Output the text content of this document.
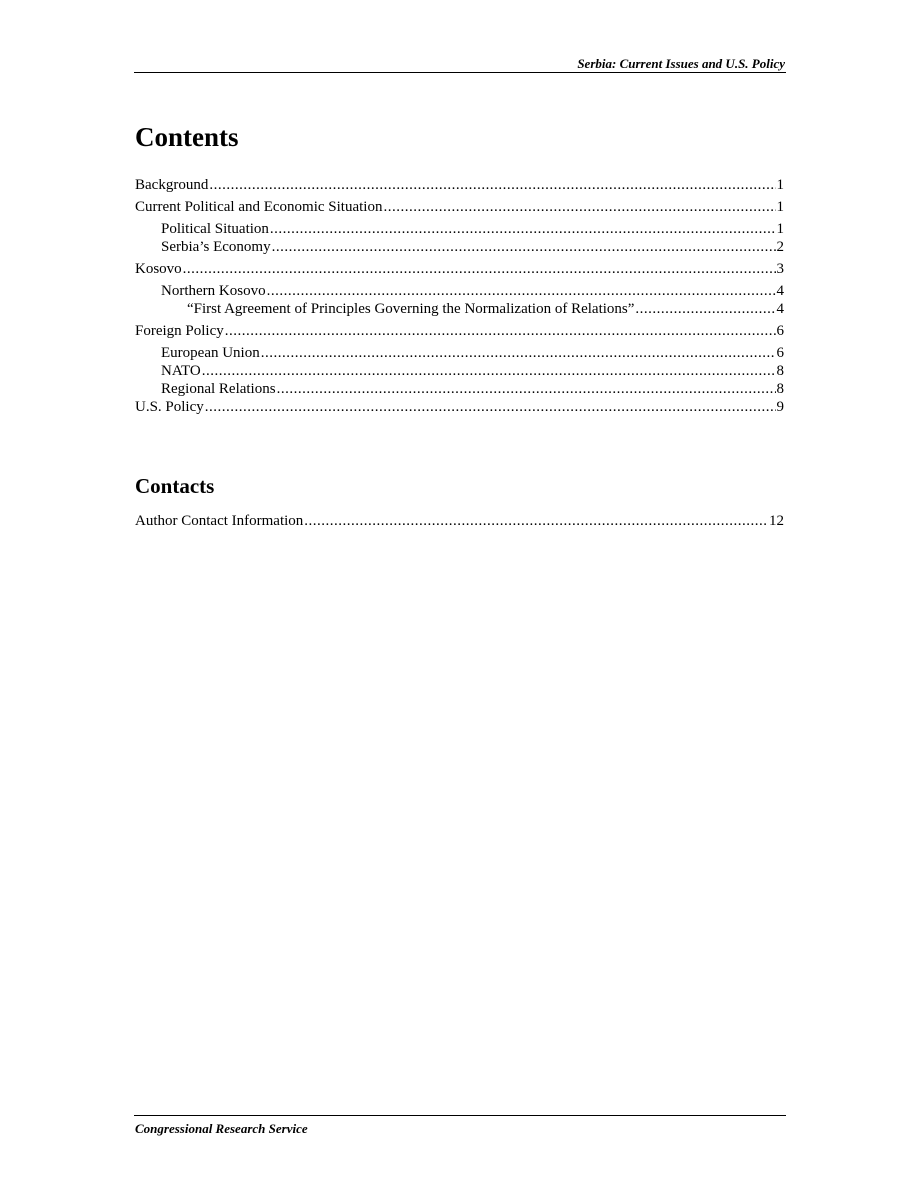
Serbia: Current Issues and U.S. Policy
Contents
Background .....	1
Current Political and Economic Situation .....	1
Political Situation .....	1
Serbia’s Economy .....	2
Kosovo .....	3
Northern Kosovo .....	4
“First Agreement of Principles Governing the Normalization of Relations” .....	4
Foreign Policy .....	6
European Union .....	6
NATO .....	8
Regional Relations .....	8
U.S. Policy .....	9
Contacts
Author Contact Information .....	12
Congressional Research Service
